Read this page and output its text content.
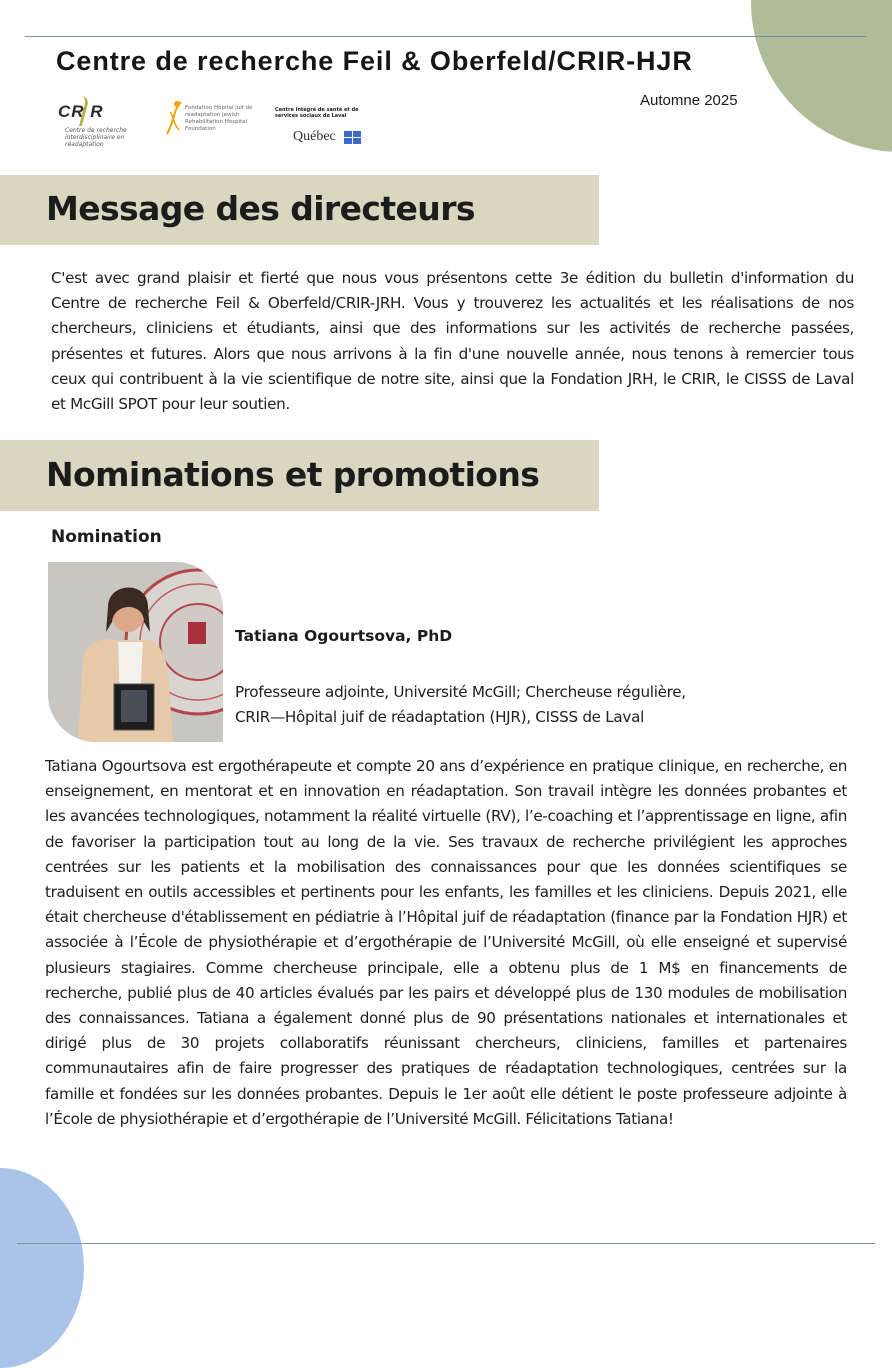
Centre de recherche Feil & Oberfeld/CRIR-HJR
Automne 2025
CR R
Centre de recherche interdisciplinaire en réadaptation
Fondation Hôpital juif de réadaptation Jewish Rehabilitation Hospital Foundation
Centre intégré de santé et de services sociaux de Laval
Québec
Message des directeurs
C'est avec grand plaisir et fierté que nous vous présentons cette 3e édition du bulletin d'information du Centre de recherche Feil & Oberfeld/CRIR-JRH. Vous y trouverez les actualités et les réalisations de nos chercheurs, cliniciens et étudiants, ainsi que des informations sur les activités de recherche passées, présentes et futures. Alors que nous arrivons à la fin d'une nouvelle année, nous tenons à remercier tous ceux qui contribuent à la vie scientifique de notre site, ainsi que la Fondation JRH, le CRIR, le CISSS de Laval et McGill SPOT pour leur soutien.
Nominations et promotions
Nomination
Tatiana Ogourtsova, PhD
Professeure adjointe, Université McGill; Chercheuse régulière,
CRIR—Hôpital juif de réadaptation (HJR), CISSS de Laval
Tatiana Ogourtsova est ergothérapeute et compte 20 ans d’expérience en pratique clinique, en recherche, en enseignement, en mentorat et en innovation en réadaptation. Son travail intègre les données probantes et les avancées technologiques, notamment la réalité virtuelle (RV), l’e-coaching et l’apprentissage en ligne, afin de favoriser la participation tout au long de la vie. Ses travaux de recherche privilégient les approches centrées sur les patients et la mobilisation des connaissances pour que les données scientifiques se traduisent en outils accessibles et pertinents pour les enfants, les familles et les cliniciens. Depuis 2021, elle était chercheuse d'établissement en pédiatrie à l’Hôpital juif de réadaptation (finance par la Fondation HJR) et associée à l’École de physiothérapie et d’ergothérapie de l’Université McGill, où elle enseigné et supervisé plusieurs stagiaires. Comme chercheuse principale, elle a obtenu plus de 1 M$ en financements de recherche, publié plus de 40 articles évalués par les pairs et développé plus de 130 modules de mobilisation des connaissances. Tatiana a également donné plus de 90 présentations nationales et internationales et dirigé plus de 30 projets collaboratifs réunissant chercheurs, cliniciens, familles et partenaires communautaires afin de faire progresser des pratiques de réadaptation technologiques, centrées sur la famille et fondées sur les données probantes. Depuis le 1er août elle détient le poste professeure adjointe à l’École de physiothérapie et d’ergothérapie de l’Université McGill. Félicitations Tatiana!
